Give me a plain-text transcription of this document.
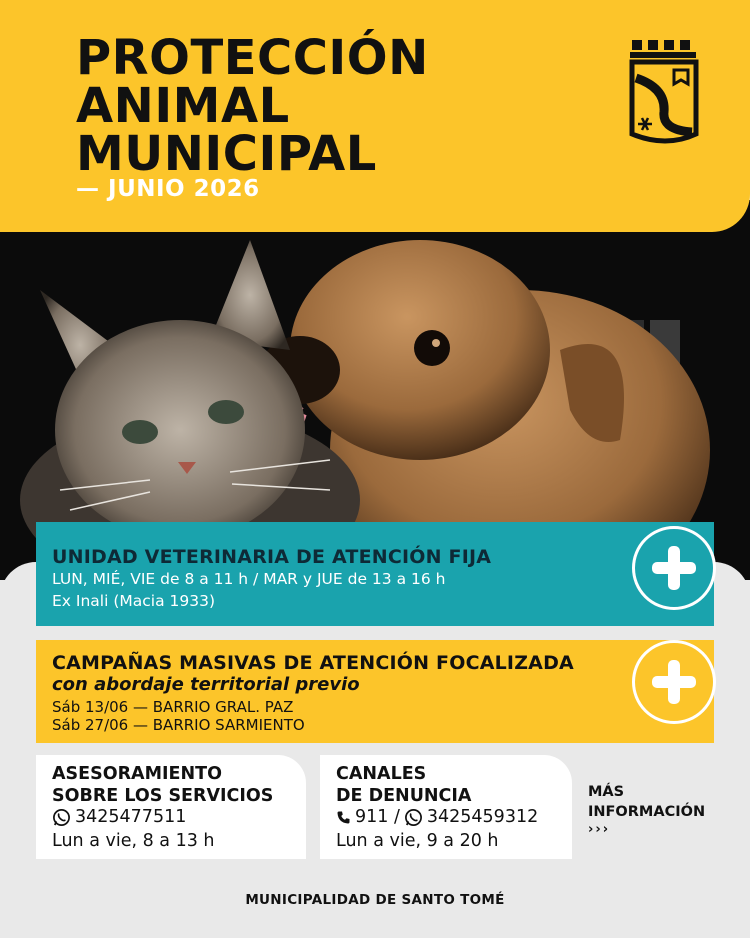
PROTECCIÓN
ANIMAL
MUNICIPAL
— JUNIO 2026
UNIDAD VETERINARIA DE ATENCIÓN FIJA
LUN, MIÉ, VIE de 8 a 11 h / MAR y JUE de 13 a 16 h
Ex Inali (Macia 1933)
CAMPAÑAS MASIVAS DE ATENCIÓN FOCALIZADA
con abordaje territorial previo
Sáb 13/06 — BARRIO GRAL. PAZ
Sáb 27/06 — BARRIO SARMIENTO
ASESORAMIENTO
SOBRE LOS SERVICIOS
3425477511
Lun a vie, 8 a 13 h
CANALES
DE DENUNCIA
911 / 3425459312
Lun a vie, 9 a 20 h
MÁS
INFORMACIÓN
›››
MUNICIPALIDAD DE SANTO TOMÉ
